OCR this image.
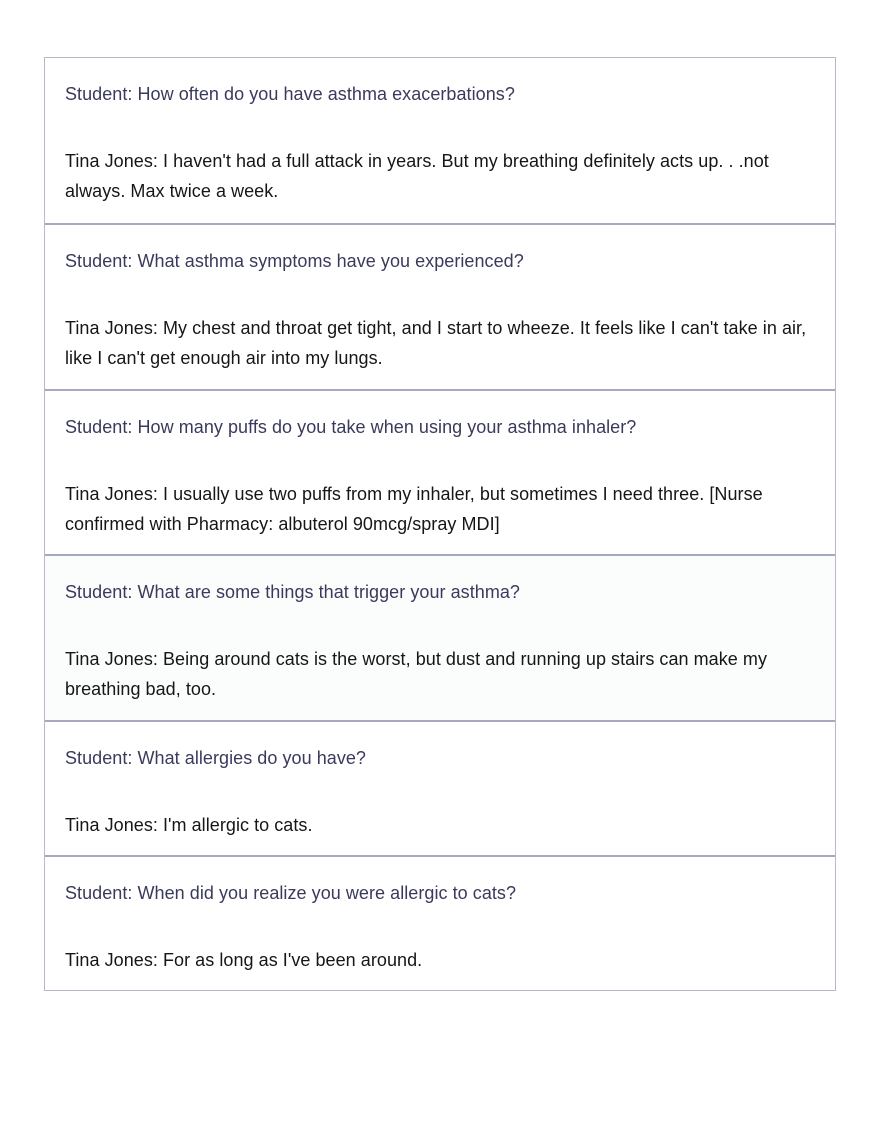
Student: How often do you have asthma exacerbations?

Tina Jones: I haven't had a full attack in years. But my breathing definitely acts up. . .not always. Max twice a week.

Student: What asthma symptoms have you experienced?

Tina Jones: My chest and throat get tight, and I start to wheeze. It feels like I can't take in air, like I can't get enough air into my lungs.

Student: How many puffs do you take when using your asthma inhaler?

Tina Jones: I usually use two puffs from my inhaler, but sometimes I need three. [Nurse confirmed with Pharmacy: albuterol 90mcg/spray MDI]

Student: What are some things that trigger your asthma?

Tina Jones: Being around cats is the worst, but dust and running up stairs can make my breathing bad, too.

Student: What allergies do you have?

Tina Jones: I'm allergic to cats.

Student: When did you realize you were allergic to cats?

Tina Jones: For as long as I've been around.
